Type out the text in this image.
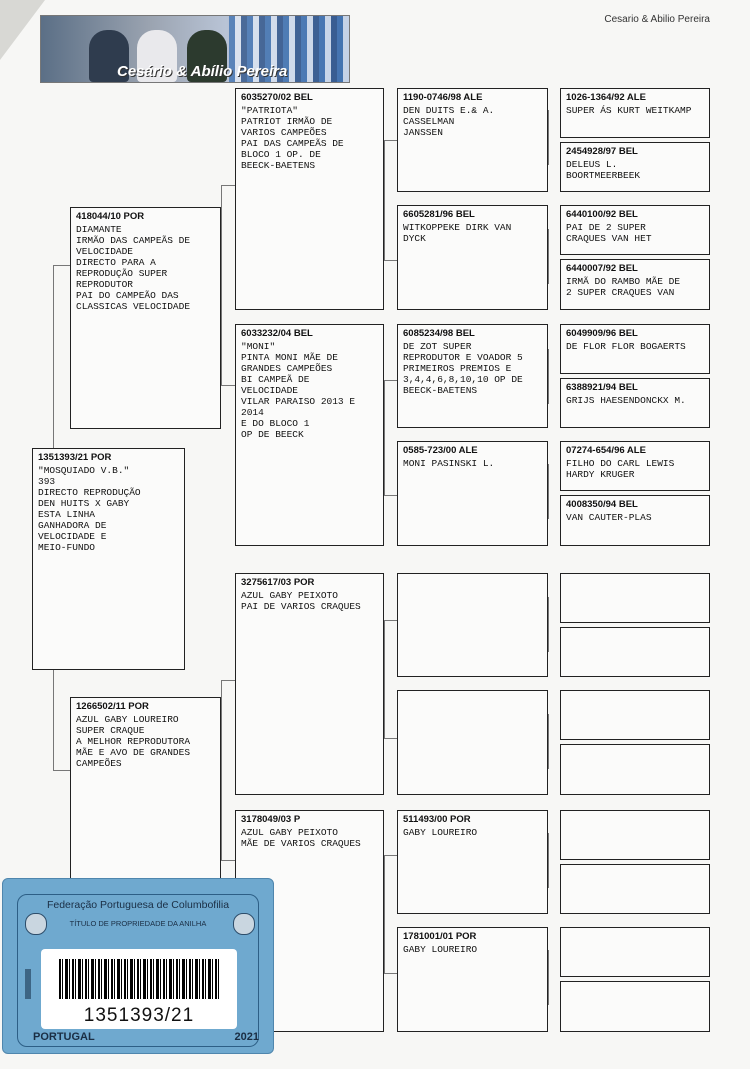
Cesario & Abilio Pereira
Cesário & Abílio Pereira
1351393/21 POR
"MOSQUIADO V.B."
393
DIRECTO REPRODUÇÃO
DEN HUITS X GABY
ESTA LINHA
GANHADORA DE
VELOCIDADE E
MEIO-FUNDO
418044/10 POR
DIAMANTE
IRMÃO DAS CAMPEÃS DE
VELOCIDADE
DIRECTO PARA A
REPRODUÇÃO SUPER
REPRODUTOR
PAI DO CAMPEÃO DAS
CLASSICAS VELOCIDADE
1266502/11 POR
AZUL GABY LOUREIRO
SUPER CRAQUE
A MELHOR REPRODUTORA
MÃE E AVO DE GRANDES
CAMPEÕES
6035270/02 BEL
"PATRIOTA"
PATRIOT IRMÃO DE
VARIOS CAMPEÕES
PAI DAS CAMPEÃS DE
BLOCO 1 OP. DE
BEECK-BAETENS
6033232/04 BEL
"MONI"
PINTA MONI MÃE DE
GRANDES CAMPEÕES
BI CAMPEÃ DE
VELOCIDADE
VILAR PARAISO 2013 E
2014
E DO BLOCO 1
OP DE BEECK
3275617/03 POR
AZUL GABY PEIXOTO
PAI DE VARIOS CRAQUES
3178049/03 P
AZUL GABY PEIXOTO
MÃE DE VARIOS CRAQUES
1190-0746/98 ALE
DEN DUITS E.& A.
CASSELMAN
JANSSEN
6605281/96 BEL
WITKOPPEKE DIRK VAN
DYCK
6085234/98 BEL
DE ZOT SUPER
REPRODUTOR E VOADOR 5
PRIMEIROS PREMIOS E
3,4,4,6,8,10,10 OP DE
BEECK-BAETENS
0585-723/00 ALE
MONI PASINSKI L.
511493/00 POR
GABY LOUREIRO
1781001/01 POR
GABY LOUREIRO
1026-1364/92 ALE
SUPER ÁS KURT WEITKAMP
2454928/97 BEL
DELEUS L.
BOORTMEERBEEK
6440100/92 BEL
PAI DE 2 SUPER
CRAQUES VAN HET
6440007/92 BEL
IRMÃ DO RAMBO MÃE DE
2 SUPER CRAQUES VAN
6049909/96 BEL
DE FLOR FLOR BOGAERTS
6388921/94 BEL
GRIJS HAESENDONCKX M.
07274-654/96 ALE
FILHO DO CARL LEWIS
HARDY KRUGER
4008350/94 BEL
VAN CAUTER-PLAS
Federação Portuguesa de Columbofilia
TÍTULO DE PROPRIEDADE DA ANILHA
1351393/21
PORTUGAL	2021
